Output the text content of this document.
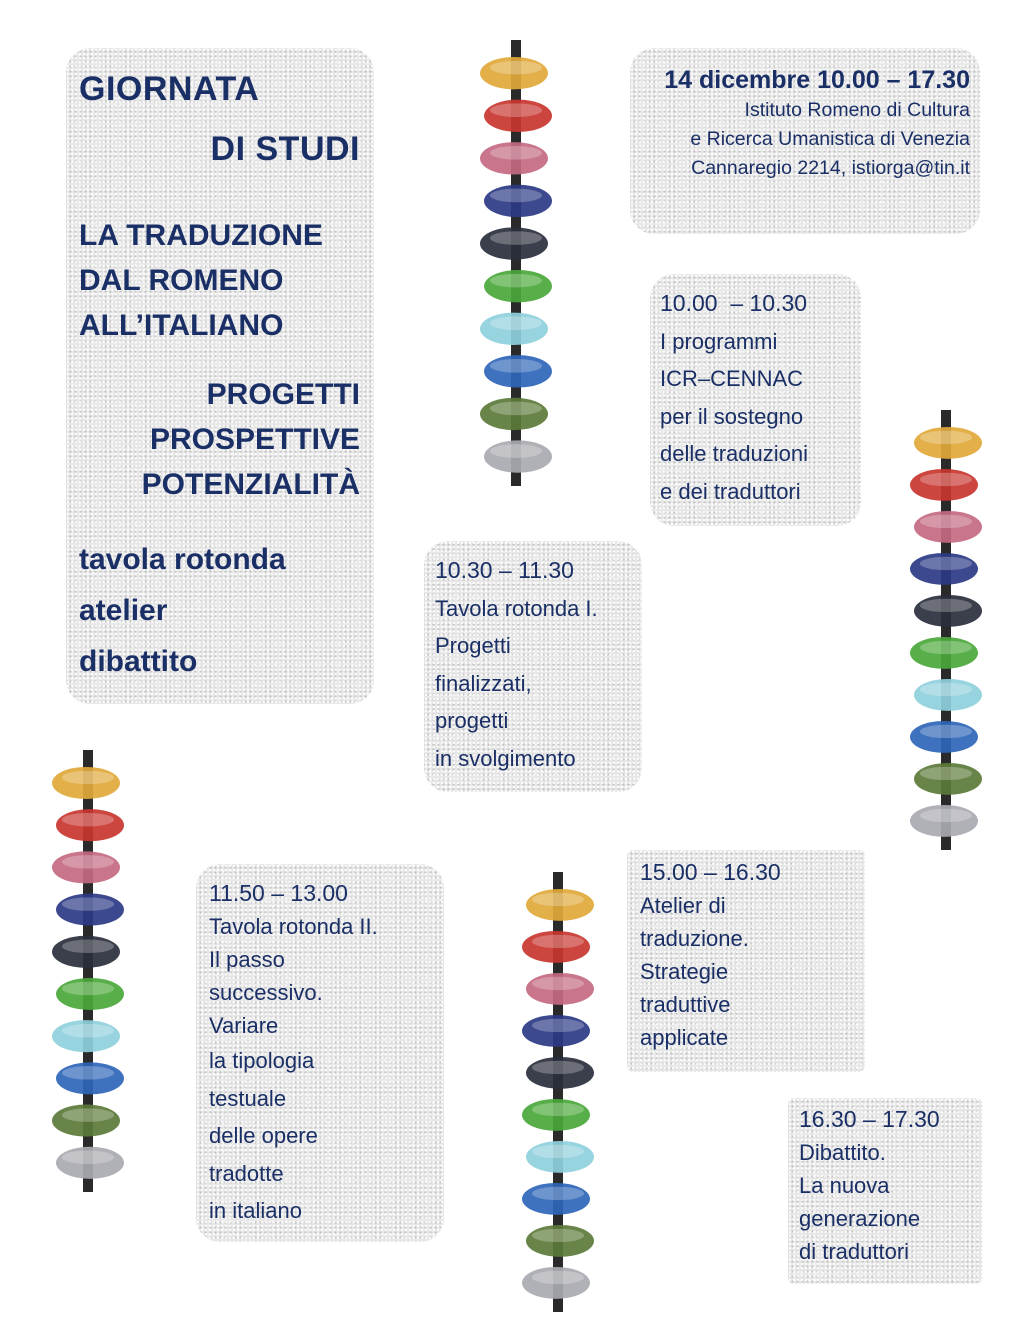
GIORNATA
DI STUDI
LA TRADUZIONE
DAL ROMENO
ALL’ITALIANO
PROGETTI
PROSPETTIVE
POTENZIALITÀ
tavola rotonda
atelier
dibattito
14 dicembre 10.00 – 17.30
Istituto Romeno di Cultura
e Ricerca Umanistica di Venezia
Cannaregio 2214, istiorga@tin.it
10.00  – 10.30
I programmi
ICR–CENNAC
per il sostegno
delle traduzioni
e dei traduttori
10.30 – 11.30
Tavola rotonda I.
Progetti
finalizzati,
progetti
in svolgimento
11.50 – 13.00
Tavola rotonda II.
Il passo
successivo.
Variare
la tipologia
testuale
delle opere
tradotte
in italiano
15.00 – 16.30
Atelier di
traduzione.
Strategie
traduttive
applicate
16.30 – 17.30
Dibattito.
La nuova
generazione
di traduttori
